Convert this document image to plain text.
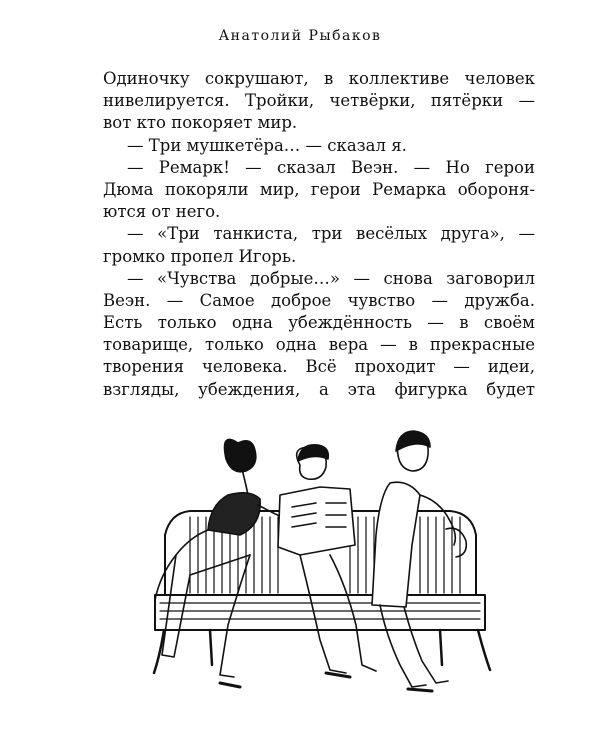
Анатолий Рыбаков
Одиночку сокрушают, в коллективе человек
нивелируется. Тройки, четвёрки, пятёрки —
вот кто покоряет мир.
— Три мушкетёра… — сказал я.
— Ремарк! — сказал Веэн. — Но герои
Дюма покоряли мир, герои Ремарка обороня-
ются от него.
— «Три танкиста, три весёлых друга», —
громко пропел Игорь.
— «Чувства добрые…» — снова заговорил
Веэн. — Самое доброе чувство — дружба.
Есть только одна убеждённость — в своём
товарище, только одна вера — в прекрасные
творения человека. Всё проходит — идеи,
взгляды, убеждения, а эта фигурка будет
